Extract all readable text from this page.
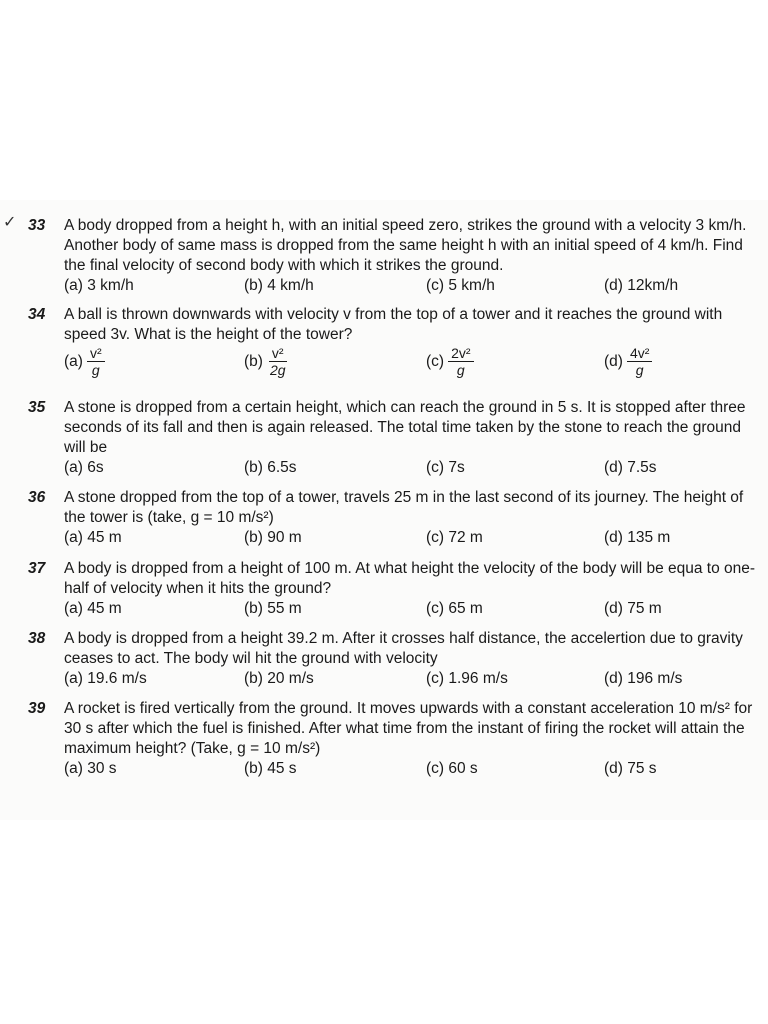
✓ 33	A body dropped from a height h, with an initial speed zero, strikes the ground with a velocity 3 km/h. Another body of same mass is dropped from the same height h with an initial speed of 4 km/h. Find the final velocity of second body with which it strikes the ground.
(a) 3 km/h	(b) 4 km/h	(c) 5 km/h	(d) 12km/h
34	A ball is thrown downwards with velocity v from the top of a tower and it reaches the ground with speed 3v. What is the height of the tower?
$(a) \frac{\text{v²}}{g}$	$(b) \frac{\text{v²}}{2g}$	$(c) \frac{\text{2v²}}{g}$	$(d) \frac{\text{4v²}}{g}$
35	A stone is dropped from a certain height, which can reach the ground in 5 s. It is stopped after three seconds of its fall and then is again released. The total time taken by the stone to reach the ground will be
(a) 6s	(b) 6.5s	(c) 7s	(d) 7.5s
36	A stone dropped from the top of a tower, travels 25 m in the last second of its journey. The height of the tower is (take, g = 10 m/s²)
(a) 45 m	(b) 90 m	(c) 72 m	(d) 135 m
37	A body is dropped from a height of 100 m. At what height the velocity of the body will be equa to one-half of velocity when it hits the ground?
(a) 45 m	(b) 55 m	(c) 65 m	(d) 75 m
38	A body is dropped from a height 39.2 m. After it crosses half distance, the accelertion due to gravity ceases to act. The body wil hit the ground with velocity
(a) 19.6 m/s	(b) 20 m/s	(c) 1.96 m/s	(d) 196 m/s
39	A rocket is fired vertically from the ground. It moves upwards with a constant acceleration 10 m/s² for 30 s after which the fuel is finished. After what time from the instant of firing the rocket will attain the maximum height? (Take, g = 10 m/s²)
(a) 30 s	(b) 45 s	(c) 60 s	(d) 75 s
